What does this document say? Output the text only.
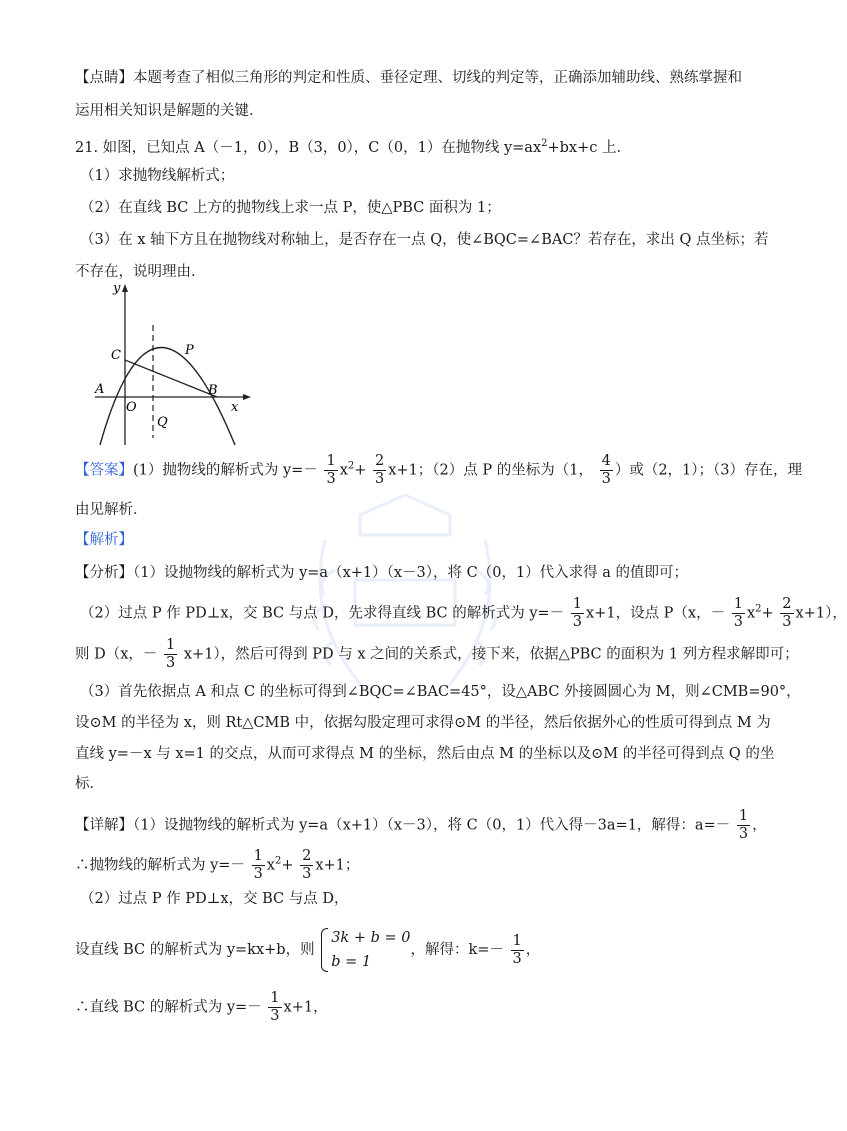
【点睛】本题考查了相似三角形的判定和性质、垂径定理、切线的判定等，正确添加辅助线、熟练掌握和
运用相关知识是解题的关键．
21. 如图，已知点 A（－1，0），B（3，0），C（0，1）在抛物线 $y=ax^2+bx+c$ 上．
（1）求抛物线解析式；
（2）在直线 BC 上方的抛物线上求一点 P，使△PBC 面积为 1；
（3）在 x 轴下方且在抛物线对称轴上，是否存在一点 Q，使∠BQC=∠BAC？若存在，求出 Q 点坐标；若
不存在，说明理由．
y
x
O
A	B
C	P
Q
【答案】(1）抛物线的解析式为 $y=- \frac{1}{3} x^2+ \frac{2}{3} x+1$；（2）点 P 的坐标为（1， $\frac{4}{3}$ ）或（2，1）；（3）存在，理
由见解析．
【解析】
【分析】（1）设抛物线的解析式为 y=a（x+1）（x－3），将 C（0，1）代入求得 a 的值即可；
（2）过点 P 作 PD⊥x，交 BC 与点 D，先求得直线 BC 的解析式为 $y=- \frac{1}{3} x+1$，设点 P（x，－ $\frac{1}{3} x^2+ \frac{2}{3} x+1$），
则 D（x，－ $\frac{1}{3} x+1$），然后可得到 PD 与 x 之间的关系式，接下来，依据△PBC 的面积为 1 列方程求解即可；
（3）首先依据点 A 和点 C 的坐标可得到∠BQC=∠BAC=45°，设△ABC 外接圆圆心为 M，则∠CMB=90°，
设⊙M 的半径为 x，则 Rt△CMB 中，依据勾股定理可求得⊙M 的半径，然后依据外心的性质可得到点 M 为
直线 y=－x 与 x=1 的交点，从而可求得点 M 的坐标，然后由点 M 的坐标以及⊙M 的半径可得到点 Q 的坐
标．
【详解】（1）设抛物线的解析式为 y=a（x+1）（x－3），将 C（0，1）代入得－3a=1，解得：$a=- \frac{1}{3}$ ，
∴抛物线的解析式为 $y=- \frac{1}{3} x^2+ \frac{2}{3} x+1$；
（2）过点 P 作 PD⊥x，交 BC 与点 D，
设直线 BC 的解析式为 y=kx+b，则
3k + b = 0
b = 1
，解得：$k=- \frac{1}{3}$ ，
∴直线 BC 的解析式为 $y=- \frac{1}{3} x+1$，
